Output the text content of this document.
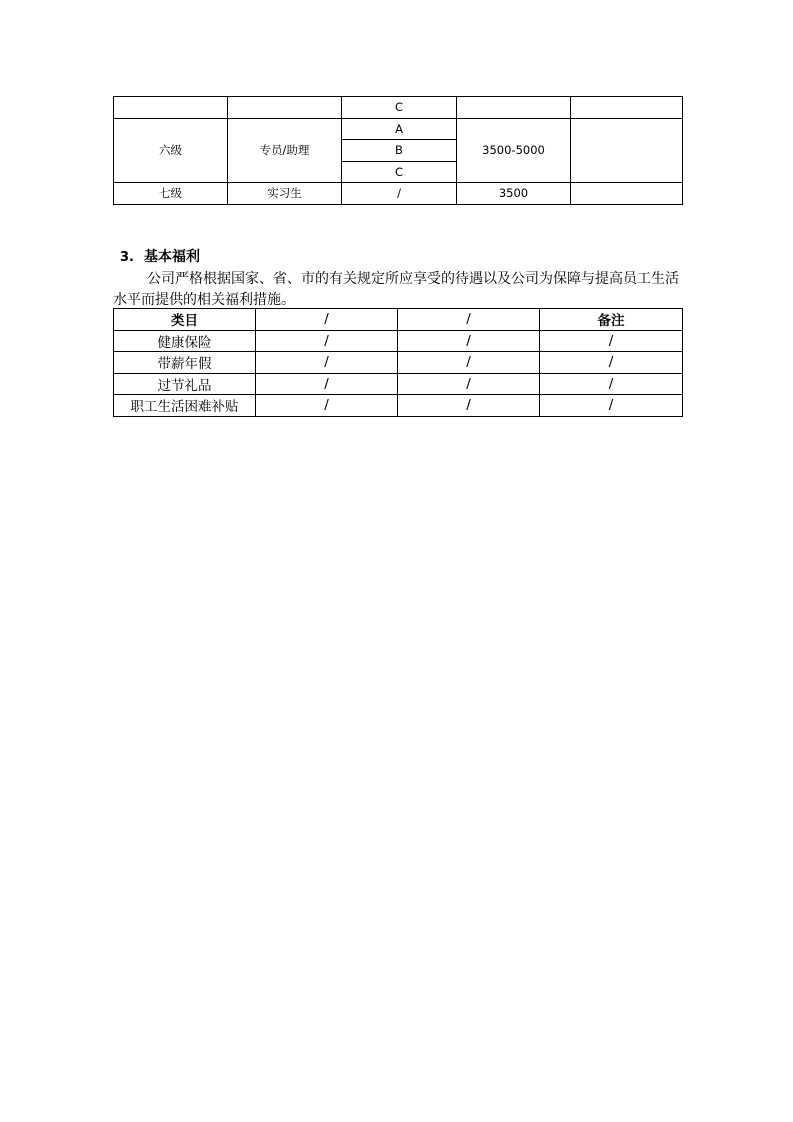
		C		
六级	专员/助理	A	3500-5000	
		B		
		C		
七级	实习生	/	3500	
3. 基本福利
公司严格根据国家、省、市的有关规定所应享受的待遇以及公司为保障与提高员工生活
水平而提供的相关福利措施。
类目	/	/	备注
健康保险	/	/	/
带薪年假	/	/	/
过节礼品	/	/	/
职工生活困难补贴	/	/	/
